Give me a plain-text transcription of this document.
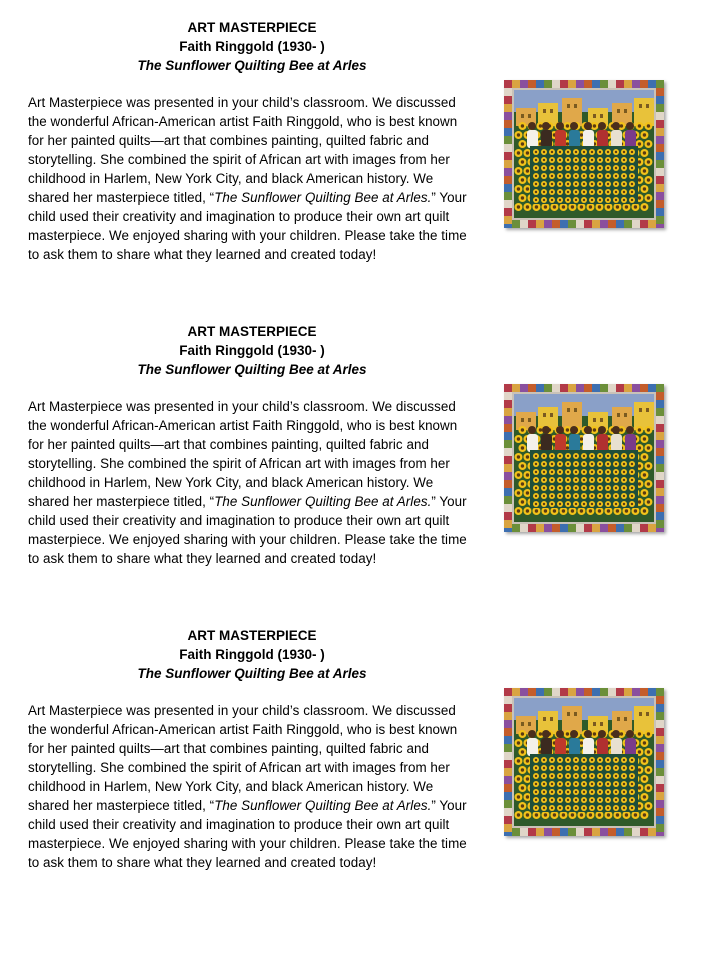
ART MASTERPIECE
Faith Ringgold (1930- )
The Sunflower Quilting Bee at Arles
Art Masterpiece was presented in your child’s classroom. We discussed the wonderful African-American artist Faith Ringgold, who is best known for her painted quilts—art that combines painting, quilted fabric and storytelling. She combined the spirit of African art with images from her childhood in Harlem, New York City, and black American history. We shared her masterpiece titled, “The Sunflower Quilting Bee at Arles.” Your child used their creativity and imagination to produce their own art quilt masterpiece. We enjoyed sharing with your children. Please take the time to ask them to share what they learned and created today!
ART MASTERPIECE
Faith Ringgold (1930- )
The Sunflower Quilting Bee at Arles
Art Masterpiece was presented in your child’s classroom. We discussed the wonderful African-American artist Faith Ringgold, who is best known for her painted quilts—art that combines painting, quilted fabric and storytelling. She combined the spirit of African art with images from her childhood in Harlem, New York City, and black American history. We shared her masterpiece titled, “The Sunflower Quilting Bee at Arles.” Your child used their creativity and imagination to produce their own art quilt masterpiece. We enjoyed sharing with your children. Please take the time to ask them to share what they learned and created today!
ART MASTERPIECE
Faith Ringgold (1930- )
The Sunflower Quilting Bee at Arles
Art Masterpiece was presented in your child’s classroom. We discussed the wonderful African-American artist Faith Ringgold, who is best known for her painted quilts—art that combines painting, quilted fabric and storytelling. She combined the spirit of African art with images from her childhood in Harlem, New York City, and black American history. We shared her masterpiece titled, “The Sunflower Quilting Bee at Arles.” Your child used their creativity and imagination to produce their own art quilt masterpiece. We enjoyed sharing with your children. Please take the time to ask them to share what they learned and created today!
